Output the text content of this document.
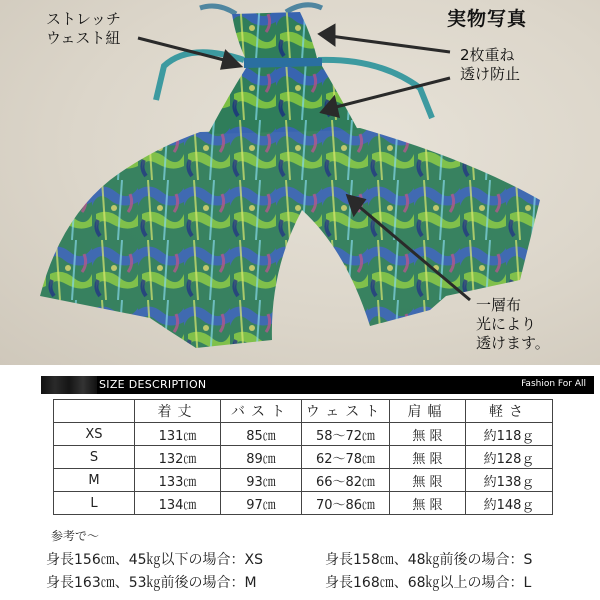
ストレッチ
ウェスト紐
実物写真
2枚重ね
透け防止
一層布
光により
透けます。
SIZE DESCRIPTION	Fashion For All
	着丈	バスト	ウェスト	肩幅	軽さ
XS	131㎝	85㎝	58～72㎝	無 限	約118ｇ
S	132㎝	89㎝	62～78㎝	無 限	約128ｇ
M	133㎝	93㎝	66～82㎝	無 限	約138ｇ
L	134㎝	97㎝	70～86㎝	無 限	約148ｇ
参考で～
身長156㎝、45㎏以下の場合：XS	身長158㎝、48㎏前後の場合：S
身長163㎝、53㎏前後の場合：M	身長168㎝、68㎏以上の場合：L
